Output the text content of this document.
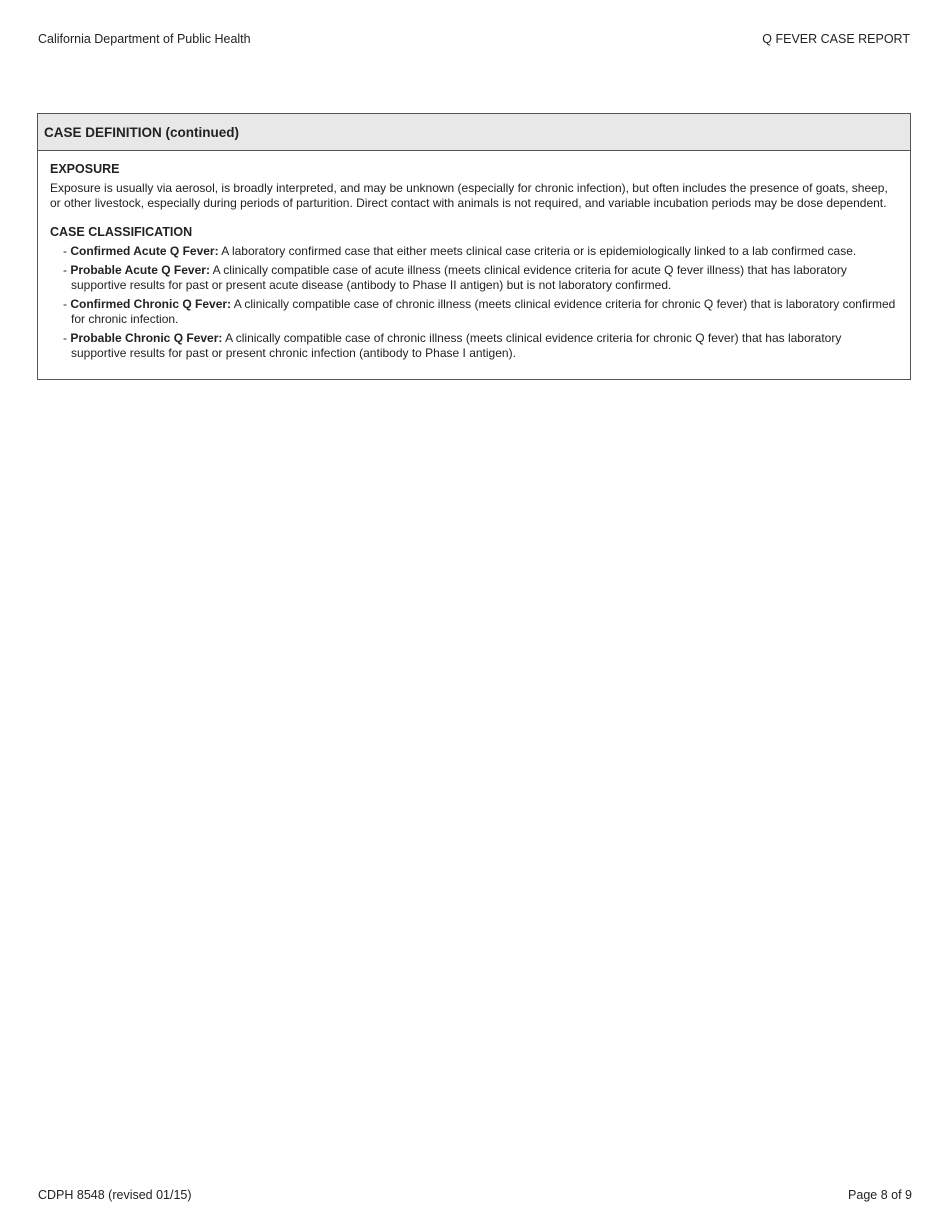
California Department of Public Health	Q FEVER CASE REPORT
CASE DEFINITION (continued)
EXPOSURE
Exposure is usually via aerosol, is broadly interpreted, and may be unknown (especially for chronic infection), but often includes the presence of goats, sheep, or other livestock, especially during periods of parturition. Direct contact with animals is not required, and variable incubation periods may be dose dependent.
CASE CLASSIFICATION
- Confirmed Acute Q Fever: A laboratory confirmed case that either meets clinical case criteria or is epidemiologically linked to a lab confirmed case.
- Probable Acute Q Fever: A clinically compatible case of acute illness (meets clinical evidence criteria for acute Q fever illness) that has laboratory supportive results for past or present acute disease (antibody to Phase II antigen) but is not laboratory confirmed.
- Confirmed Chronic Q Fever: A clinically compatible case of chronic illness (meets clinical evidence criteria for chronic Q fever) that is laboratory confirmed for chronic infection.
- Probable Chronic Q Fever: A clinically compatible case of chronic illness (meets clinical evidence criteria for chronic Q fever) that has laboratory supportive results for past or present chronic infection (antibody to Phase I antigen).
CDPH 8548 (revised 01/15)	Page 8 of 9
